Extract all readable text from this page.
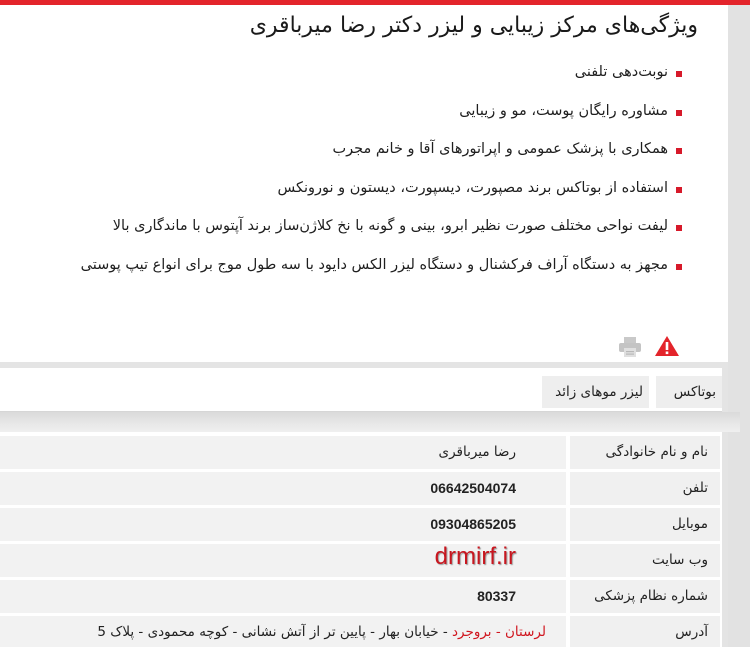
ویژگی‌های مرکز زیبایی و لیزر دکتر رضا میرباقری
نوبت‌دهی تلفنی
مشاوره رایگان پوست، مو و زیبایی
همکاری با پزشک عمومی و اپراتورهای آقا و خانم مجرب
استفاده از بوتاکس برند مصپورت، دیسپورت، دیستون و نورونکس
لیفت نواحی مختلف صورت نظیر ابرو، بینی و گونه با نخ کلاژن‌ساز برند آپتوس با ماندگاری بالا
مجهز به دستگاه آراف فرکشنال و دستگاه لیزر الکس دایود با سه طول موج برای انواع تیپ پوستی
بوتاکس
لیزر موهای زائد
نام و نام خانوادگی
رضا میرباقری
تلفن
06642504074
موبایل
09304865205
وب سایت
drmirf.ir
شماره نظام پزشکی
80337
آدرس
لرستان - بروجرد - خیابان بهار - پایین تر از آتش نشانی - کوچه محمودی - پلاک 5
